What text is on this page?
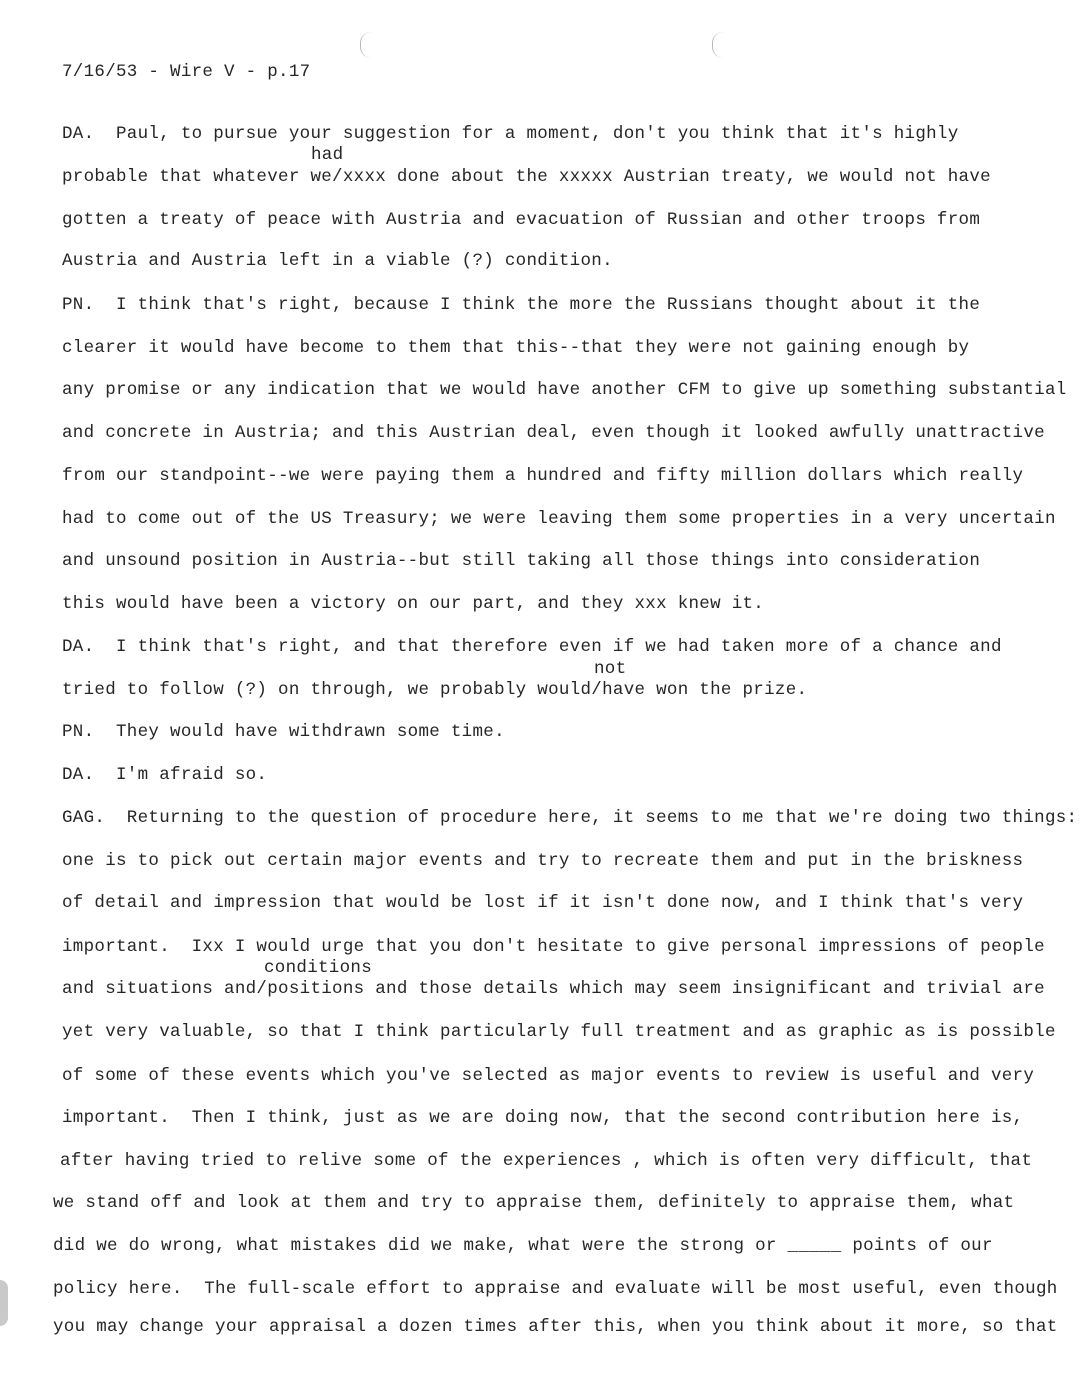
7/16/53 - Wire V - p.17
DA.  Paul, to pursue your suggestion for a moment, don't you think that it's highly
had
probable that whatever we/xxxx done about the xxxxx Austrian treaty, we would not have
gotten a treaty of peace with Austria and evacuation of Russian and other troops from
Austria and Austria left in a viable (?) condition.
PN.  I think that's right, because I think the more the Russians thought about it the
clearer it would have become to them that this--that they were not gaining enough by
any promise or any indication that we would have another CFM to give up something substantial
and concrete in Austria; and this Austrian deal, even though it looked awfully unattractive
from our standpoint--we were paying them a hundred and fifty million dollars which really
had to come out of the US Treasury; we were leaving them some properties in a very uncertain
and unsound position in Austria--but still taking all those things into consideration
this would have been a victory on our part, and they xxx knew it.
DA.  I think that's right, and that therefore even if we had taken more of a chance and
not
tried to follow (?) on through, we probably would/have won the prize.
PN.  They would have withdrawn some time.
DA.  I'm afraid so.
GAG.  Returning to the question of procedure here, it seems to me that we're doing two things:
one is to pick out certain major events and try to recreate them and put in the briskness
of detail and impression that would be lost if it isn't done now, and I think that's very
important.  Ixx I would urge that you don't hesitate to give personal impressions of people
conditions
and situations and/positions and those details which may seem insignificant and trivial are
yet very valuable, so that I think particularly full treatment and as graphic as is possible
of some of these events which you've selected as major events to review is useful and very
important.  Then I think, just as we are doing now, that the second contribution here is,
after having tried to relive some of the experiences , which is often very difficult, that
we stand off and look at them and try to appraise them, definitely to appraise them, what
did we do wrong, what mistakes did we make, what were the strong or _____ points of our
policy here.  The full-scale effort to appraise and evaluate will be most useful, even though
you may change your appraisal a dozen times after this, when you think about it more, so that
